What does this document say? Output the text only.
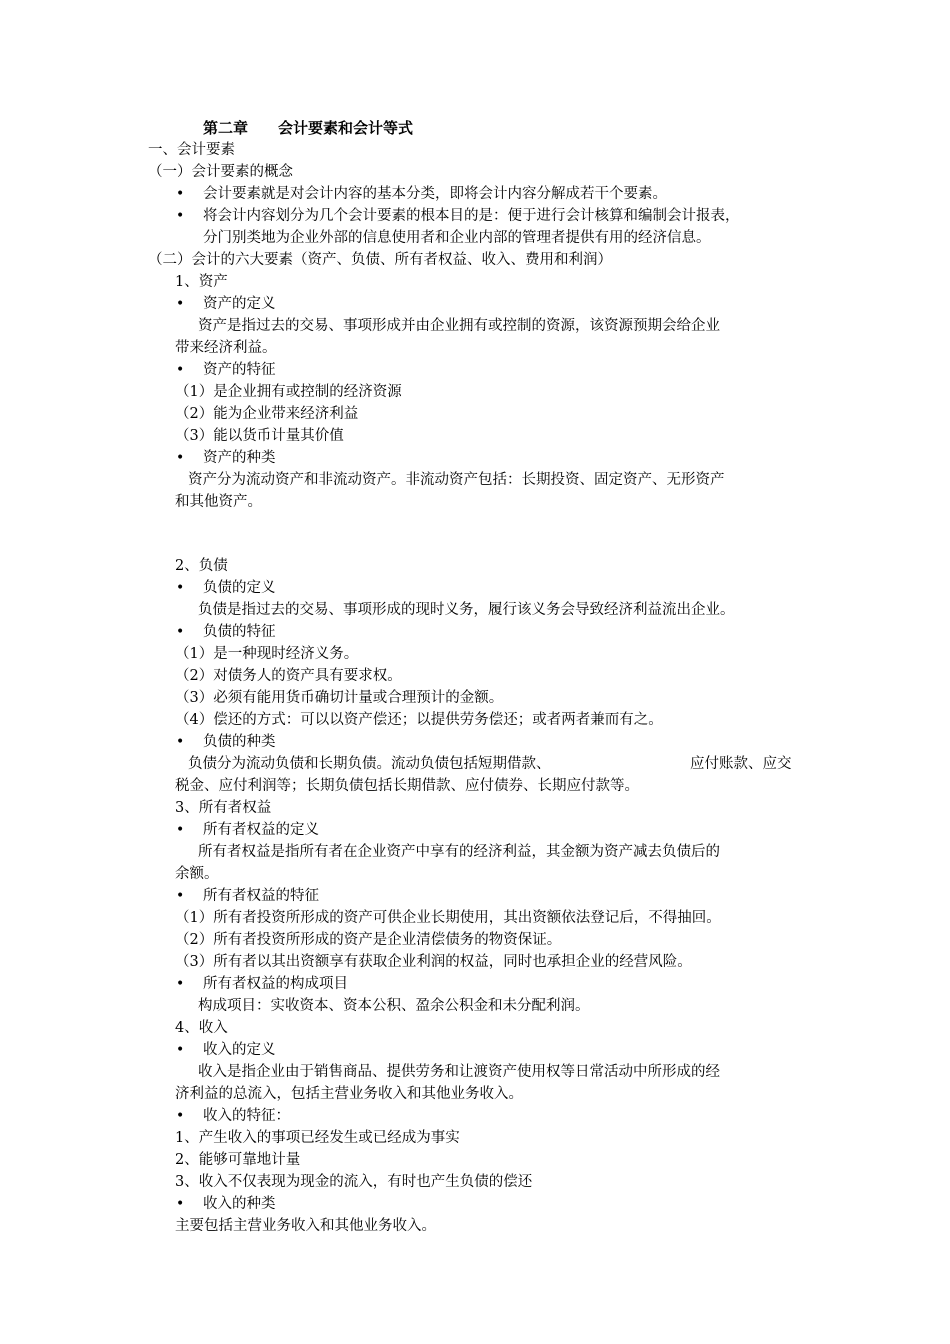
第二章　　会计要素和会计等式
一、会计要素
（一）会计要素的概念
• 会计要素就是对会计内容的基本分类，即将会计内容分解成若干个要素。
• 将会计内容划分为几个会计要素的根本目的是：便于进行会计核算和编制会计报表，
分门别类地为企业外部的信息使用者和企业内部的管理者提供有用的经济信息。
（二）会计的六大要素（资产、负债、所有者权益、收入、费用和利润）
1、资产
• 资产的定义
资产是指过去的交易、事项形成并由企业拥有或控制的资源，该资源预期会给企业
带来经济利益。
• 资产的特征
（1）是企业拥有或控制的经济资源
（2）能为企业带来经济利益
（3）能以货币计量其价值
• 资产的种类
资产分为流动资产和非流动资产。非流动资产包括：长期投资、固定资产、无形资产
和其他资产。
2、负债
• 负债的定义
负债是指过去的交易、事项形成的现时义务，履行该义务会导致经济利益流出企业。
• 负债的特征
（1）是一种现时经济义务。
（2）对债务人的资产具有要求权。
（3）必须有能用货币确切计量或合理预计的金额。
（4）偿还的方式：可以以资产偿还；以提供劳务偿还；或者两者兼而有之。
• 负债的种类
负债分为流动负债和长期负债。流动负债包括短期借款、	应付账款、应交
税金、应付利润等；长期负债包括长期借款、应付债券、长期应付款等。
3、所有者权益
• 所有者权益的定义
所有者权益是指所有者在企业资产中享有的经济利益，其金额为资产减去负债后的
余额。
• 所有者权益的特征
（1）所有者投资所形成的资产可供企业长期使用，其出资额依法登记后，不得抽回。
（2）所有者投资所形成的资产是企业清偿债务的物资保证。
（3）所有者以其出资额享有获取企业利润的权益，同时也承担企业的经营风险。
• 所有者权益的构成项目
构成项目：实收资本、资本公积、盈余公积金和未分配利润。
4、收入
• 收入的定义
收入是指企业由于销售商品、提供劳务和让渡资产使用权等日常活动中所形成的经
济利益的总流入，包括主营业务收入和其他业务收入。
• 收入的特征：
1、产生收入的事项已经发生或已经成为事实
2、能够可靠地计量
3、收入不仅表现为现金的流入，有时也产生负债的偿还
• 收入的种类
主要包括主营业务收入和其他业务收入。
